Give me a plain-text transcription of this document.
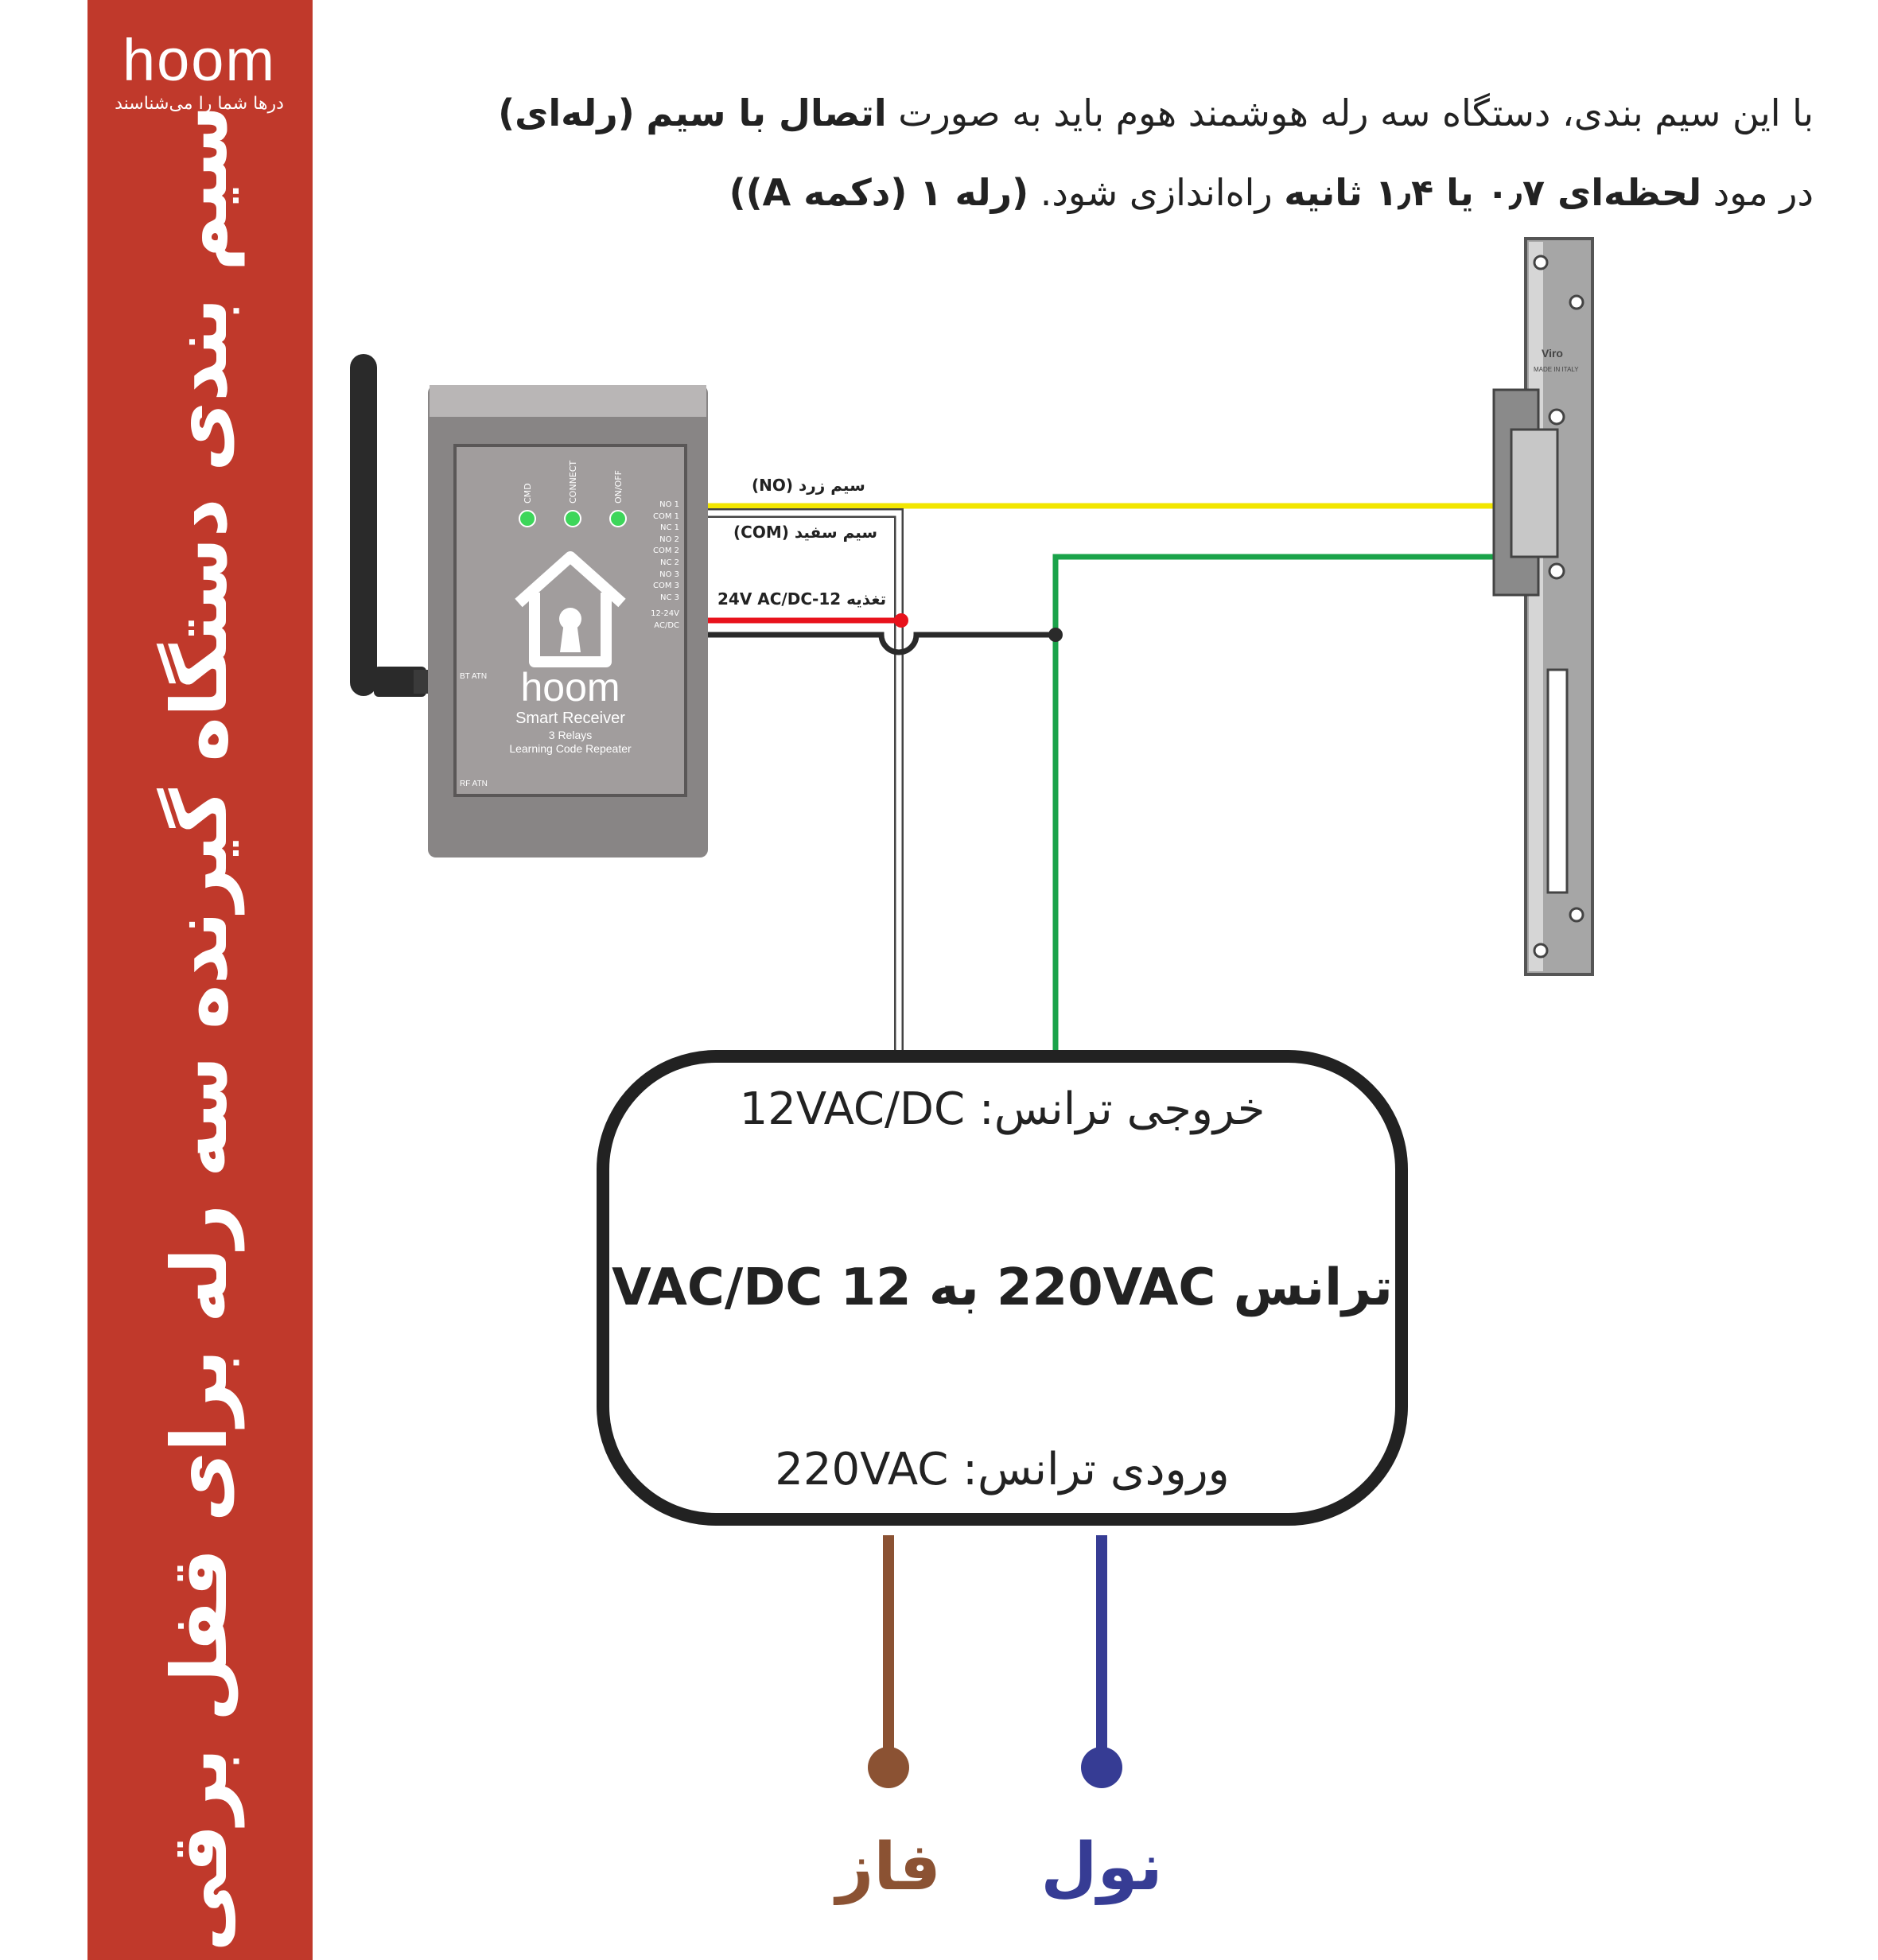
hoom
درها شما را می‌شناسند
سیم بندی دستگاه گیرنده سه رله برای قفل برقی	با این سیم بندی، دستگاه سه رله هوشمند هوم باید به صورت اتصال با سیم (رله‌ای)
در مود لحظه‌ای ۰٫۷ یا ۱٫۴ ثانیه راه‌اندازی شود. (رله ۱ (دکمه A))
CMD	CONNECT	ON/OFF
NO 1
COM 1
NC 1
NO 2
COM 2
NC 2
NO 3
COM 3
NC 3
12-24V AC/DC
BT ATN
RF ATN
hoom
Smart Receiver
3 Relays
Learning Code Repeater
سیم زرد (NO)
سیم سفید (COM)
تغذیه 12-24V AC/DC
Viro
MADE IN ITALY
خروجی ترانس: 12VAC/DC
ترانس 220VAC به 12 VAC/DC
ورودی ترانس: 220VAC
فاز	نول
